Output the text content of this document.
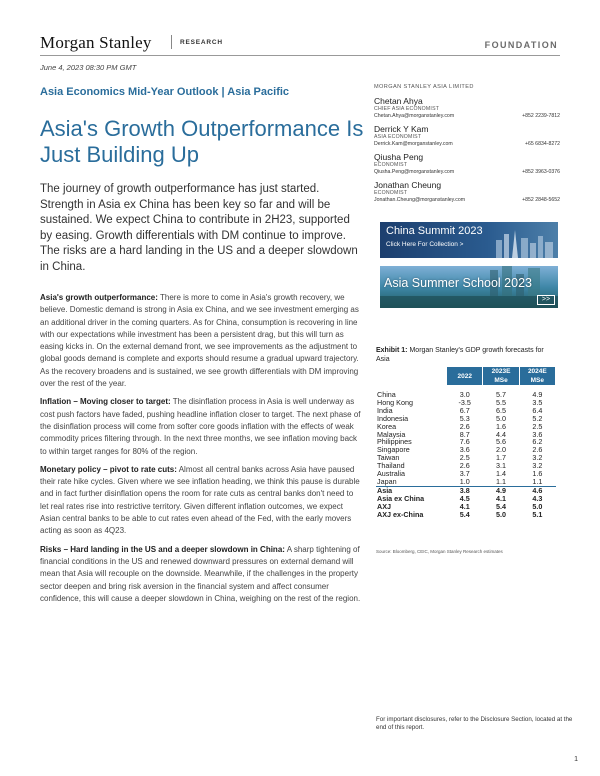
Morgan Stanley	RESEARCH	FOUNDATION
June 4, 2023 08:30 PM GMT
Asia Economics Mid-Year Outlook | Asia Pacific
Asia's Growth Outperformance Is Just Building Up
The journey of growth outperformance has just started. Strength in Asia ex China has been key so far and will be sustained. We expect China to contribute in 2H23, supported by easing. Growth differentials with DM continue to improve. The risks are a hard landing in the US and a deeper slowdown in China.

Asia's growth outperformance: There is more to come in Asia's growth recovery, we believe. Domestic demand is strong in Asia ex China, and we see investment emerging as an additional driver in the coming quarters. As for China, consumption is recovering in line with our expectations while investment has been a persistent drag, but this will turn as easing kicks in. On the external demand front, we see improvements as the adjustment to global goods demand is complete and exports should resume a gradual upward trajectory. As the recovery broadens and is sustained, we see growth differentials with DM improving over the rest of the year.

Inflation – Moving closer to target: The disinflation process in Asia is well underway as cost push factors have faded, pushing headline inflation closer to target. The next phase of the disinflation process will come from softer core goods inflation with the effects of weak commodity prices filtering through. In the next three months, we see inflation moving back to within target ranges for 80% of the region.

Monetary policy – pivot to rate cuts: Almost all central banks across Asia have paused their rate hike cycles. Given where we see inflation heading, we think this pause is durable and in fact further disinflation opens the room for rate cuts as central banks don't need to let real rates rise into restrictive territory. Given different inflation outcomes, we expect Asian central banks to be able to cut rates even ahead of the Fed, with the early movers acting as soon as 4Q23.

Risks – Hard landing in the US and a deeper slowdown in China: A sharp tightening of financial conditions in the US and renewed downward pressures on external demand will mean that Asia will recouple on the downside. Meanwhile, if the challenges in the property sector deepen and bring risk aversion in the financial system and affect consumer confidence, this will cause a deeper slowdown in China, weighing on the rest of the region.

MORGAN STANLEY ASIA LIMITED
Chetan Ahya
CHIEF ASIA ECONOMIST
Chetan.Ahya@morganstanley.com	+852 2239-7812
Derrick Y Kam
ASIA ECONOMIST
Derrick.Kam@morganstanley.com	+65 6834-8272
Qiusha Peng
ECONOMIST
Qiusha.Peng@morganstanley.com	+852 3963-0376
Jonathan Cheung
ECONOMIST
Jonathan.Cheung@morganstanley.com	+852 2848-5652
China Summit 2023
Click Here For Collection >
Asia Summer School 2023
>>
Exhibit 1: Morgan Stanley's GDP growth forecasts for Asia
	2022	2023E	2024E
		MSe	MSe
China	3.0	5.7	4.9
Hong Kong	-3.5	5.5	3.5
India	6.7	6.5	6.4
Indonesia	5.3	5.0	5.2
Korea	2.6	1.6	2.5
Malaysia	8.7	4.4	3.6
Philippines	7.6	5.6	6.2
Singapore	3.6	2.0	2.6
Taiwan	2.5	1.7	3.2
Thailand	2.6	3.1	3.2
Australia	3.7	1.4	1.6
Japan	1.0	1.1	1.1
Asia	3.8	4.9	4.6
Asia ex China	4.5	4.1	4.3
AXJ	4.1	5.4	5.0
AXJ ex-China	5.4	5.0	5.1
Source: Bloomberg, CEIC, Morgan Stanley Research estimates
For important disclosures, refer to the Disclosure Section, located at the end of this report.
1
